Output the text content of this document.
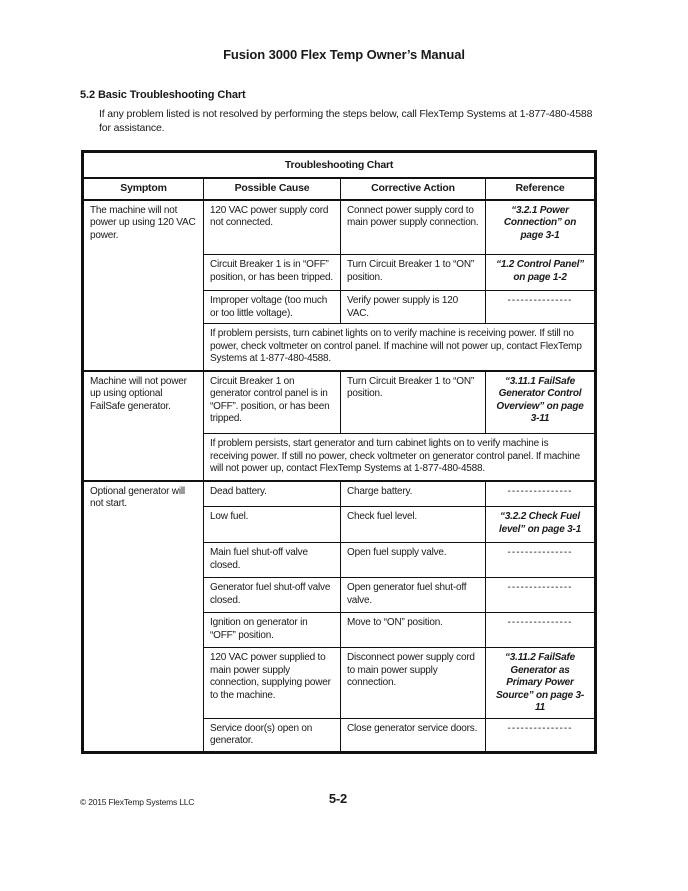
Fusion 3000 Flex Temp Owner’s Manual
5.2 Basic Troubleshooting Chart

If any problem listed is not resolved by performing the steps below, call FlexTemp Systems at 1-877-480-4588 for assistance.

Troubleshooting Chart			
Symptom	Possible Cause	Corrective Action	Reference
The machine will not power up using 120 VAC power.	120 VAC power supply cord not connected.	Connect power supply cord to main power supply connection.	“3.2.1 Power Connection” on page 3-1
	Circuit Breaker 1 is in “OFF” position, or has been tripped.	Turn Circuit Breaker 1 to “ON” position.	“1.2 Control Panel” on page 1-2
	Improper voltage (too much or too little voltage).	Verify power supply is 120 VAC.	---------------
	If problem persists, turn cabinet lights on to verify machine is receiving power. If still no power, check voltmeter on control panel. If machine will not power up, contact FlexTemp Systems at 1-877-480-4588.		
Machine will not power up using optional FailSafe generator.	Circuit Breaker 1 on generator control panel is in “OFF”. position, or has been tripped.	Turn Circuit Breaker 1 to “ON” position.	“3.11.1 FailSafe Generator Control Overview” on page 3-11
	If problem persists, start generator and turn cabinet lights on to verify machine is receiving power. If still no power, check voltmeter on generator control panel. If machine will not power up, contact FlexTemp Systems at 1-877-480-4588.		
Optional generator will not start.	Dead battery.	Charge battery.	---------------
	Low fuel.	Check fuel level.	“3.2.2 Check Fuel level” on page 3-1
	Main fuel shut-off valve closed.	Open fuel supply valve.	---------------
	Generator fuel shut-off valve closed.	Open generator fuel shut-off valve.	---------------
	Ignition on generator in “OFF” position.	Move to “ON” position.	---------------
	120 VAC power supplied to main power supply connection, supplying power to the machine.	Disconnect power supply cord to main power supply connection.	“3.11.2 FailSafe Generator as Primary Power Source” on page 3-11
	Service door(s) open on generator.	Close generator service doors.	---------------
© 2015 FlexTemp Systems LLC	5-2
